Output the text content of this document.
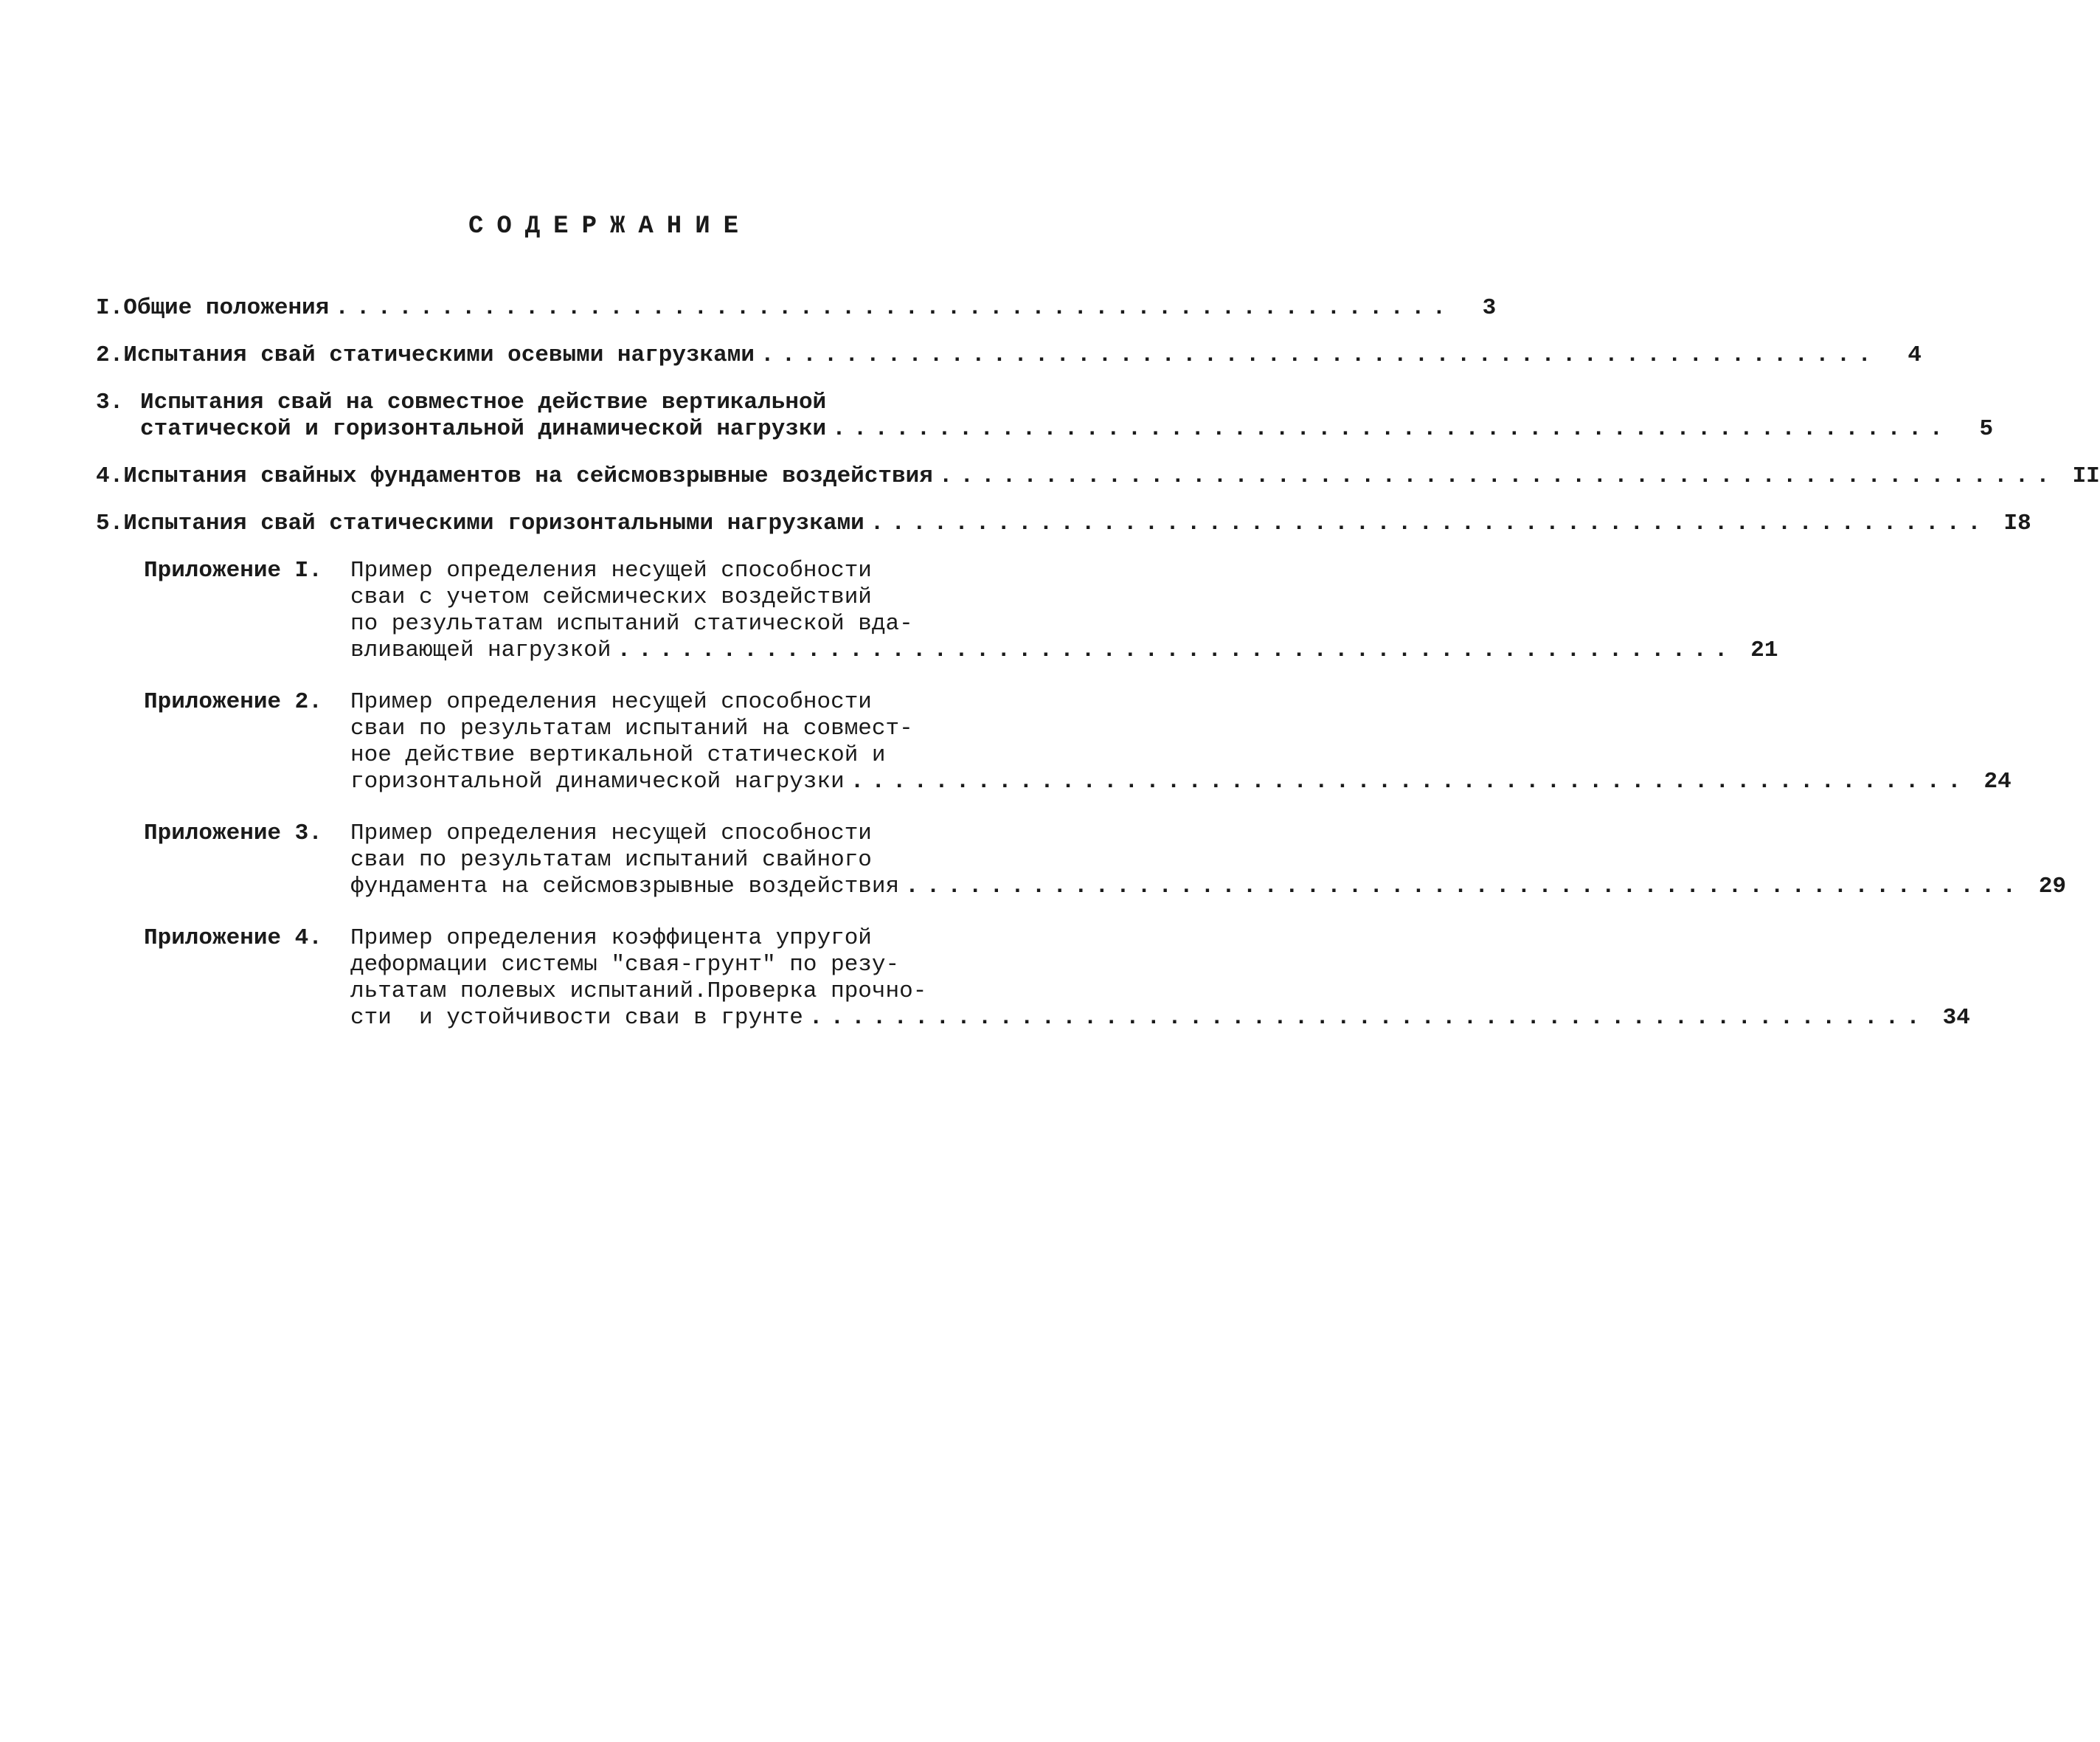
СОДЕРЖАНИЕ
I. Общие положения .....................................................	3
2. Испытания свай статическими осевыми нагрузками .....................................................	4
3. Испытания свай на совместное действие вертикальной
статической и горизонтальной динамической нагрузки .....................................................	5
4. Испытания свайных фундаментов на сейсмовзрывные воздействия ..................................................... II
5. Испытания свай статическими горизонтальными нагрузками ..................................................... I8
Приложение I.	Пример определения несущей способности
сваи с учетом сейсмических воздействий
по результатам испытаний статической вда-
вливающей нагрузкой ..................................................... 21
Приложение 2.	Пример определения несущей способности
сваи по результатам испытаний на совмест-
ное действие вертикальной статической и
горизонтальной динамической нагрузки ..................................................... 24
Приложение 3.	Пример определения несущей способности
сваи по результатам испытаний свайного
фундамента на сейсмовзрывные воздействия ..................................................... 29
Приложение 4.	Пример определения коэффицента упругой
деформации системы "свая-грунт" по резу-
льтатам полевых испытаний.Проверка прочно-
сти  и устойчивости сваи в грунте ..................................................... 34
